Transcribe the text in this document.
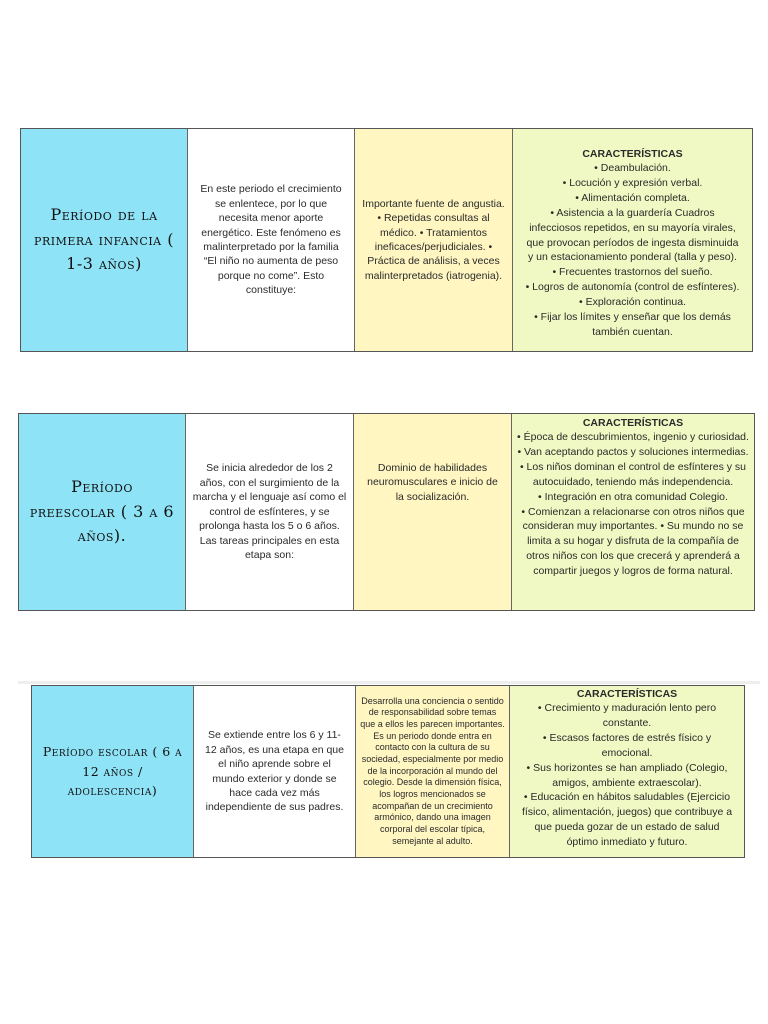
Período de la primera infancia ( 1-3 años)
En este periodo el crecimiento se enlentece, por lo que necesita menor aporte energético. Este fenómeno es malinterpretado por la familia “El niño no aumenta de peso porque no come”. Esto constituye:
Importante fuente de angustia. • Repetidas consultas al médico. • Tratamientos ineficaces/perjudiciales. • Práctica de análisis, a veces malinterpretados (iatrogenia).
CARACTERÍSTICAS
• Deambulación.
• Locución y expresión verbal.
• Alimentación completa.
• Asistencia a la guardería Cuadros infecciosos repetidos, en su mayoría virales, que provocan períodos de ingesta disminuida y un estacionamiento ponderal (talla y peso).
• Frecuentes trastornos del sueño.
• Logros de autonomía (control de esfínteres).
• Exploración continua.
• Fijar los límites y enseñar que los demás también cuentan.
Período preescolar ( 3 a 6 años).
Se inicia alrededor de los 2 años, con el surgimiento de la marcha y el lenguaje así como el control de esfínteres, y se prolonga hasta los 5 o 6 años. Las tareas principales en esta etapa son:
Dominio de habilidades neuromusculares e inicio de la socialización.
CARACTERÍSTICAS
• Época de descubrimientos, ingenio y curiosidad.
• Van aceptando pactos y soluciones intermedias.
• Los niños dominan el control de esfínteres y su autocuidado, teniendo más independencia.
• Integración en otra comunidad Colegio.
• Comienzan a relacionarse con otros niños que consideran muy importantes. • Su mundo no se limita a su hogar y disfruta de la compañía de otros niños con los que crecerá y aprenderá a compartir juegos y logros de forma natural.
Período escolar ( 6 a 12 años / adolescencia)
Se extiende entre los 6 y 11-12 años, es una etapa en que el niño aprende sobre el mundo exterior y donde se hace cada vez más independiente de sus padres.
Desarrolla una conciencia o sentido de responsabilidad sobre temas que a ellos les parecen importantes. Es un periodo donde entra en contacto con la cultura de su sociedad, especialmente por medio de la incorporación al mundo del colegio. Desde la dimensión física, los logros mencionados se acompañan de un crecimiento armónico, dando una imagen corporal del escolar típica, semejante al adulto.
CARACTERÍSTICAS
• Crecimiento y maduración lento pero constante.
• Escasos factores de estrés físico y emocional.
• Sus horizontes se han ampliado (Colegio, amigos, ambiente extraescolar).
• Educación en hábitos saludables (Ejercicio físico, alimentación, juegos) que contribuye a que pueda gozar de un estado de salud óptimo inmediato y futuro.
